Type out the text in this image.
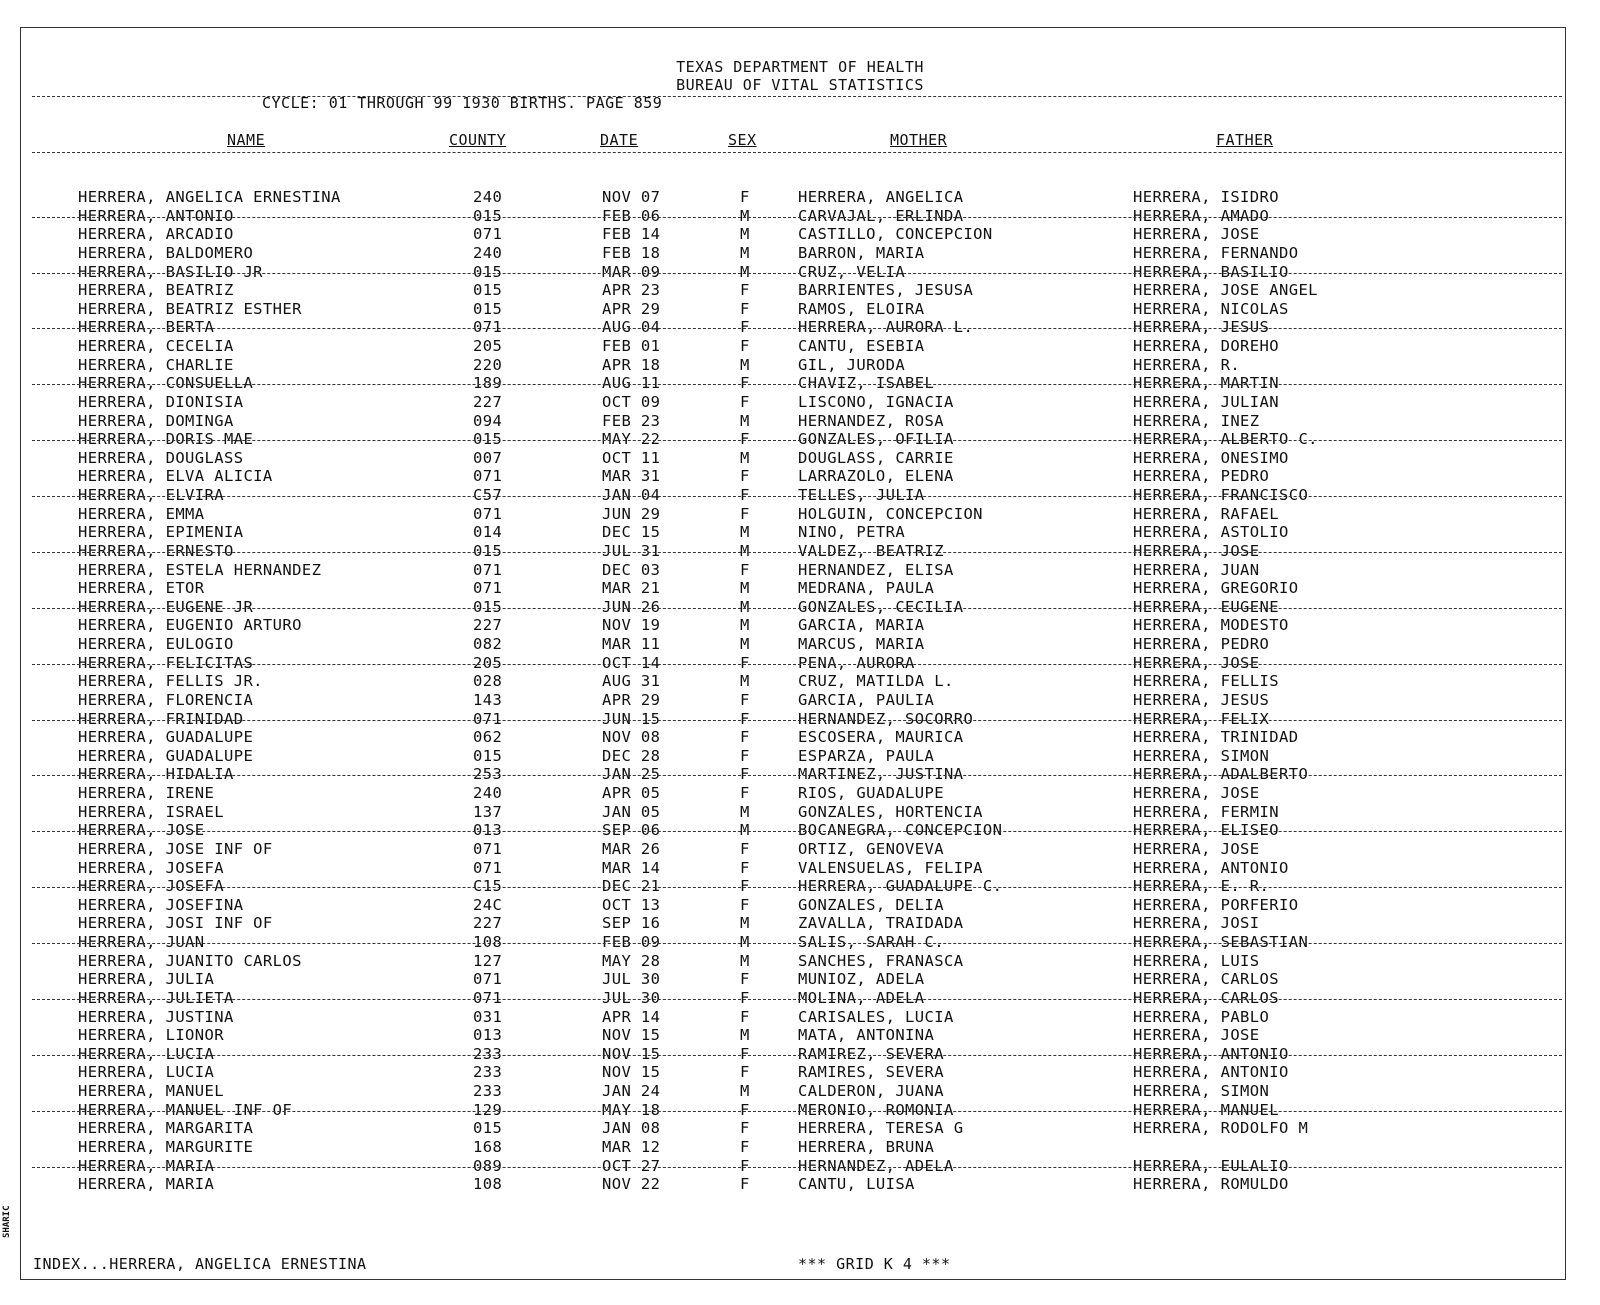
SHARIC
TEXAS DEPARTMENT OF HEALTH
BUREAU OF VITAL STATISTICS
CYCLE: 01 THROUGH 99 1930 BIRTHS. PAGE 859
NAME	COUNTY	DATE	SEX	MOTHER	FATHER
HERRERA, ANGELICA ERNESTINA	240	NOV 07	F	HERRERA, ANGELICA	HERRERA, ISIDRO
HERRERA, ANTONIO	015	FEB 06	M	CARVAJAL, ERLINDA	HERRERA, AMADO
HERRERA, ARCADIO	071	FEB 14	M	CASTILLO, CONCEPCION	HERRERA, JOSE
HERRERA, BALDOMERO	240	FEB 18	M	BARRON, MARIA	HERRERA, FERNANDO
HERRERA, BASILIO JR	015	MAR 09	M	CRUZ, VELIA	HERRERA, BASILIO
HERRERA, BEATRIZ	015	APR 23	F	BARRIENTES, JESUSA	HERRERA, JOSE ANGEL
HERRERA, BEATRIZ ESTHER	015	APR 29	F	RAMOS, ELOIRA	HERRERA, NICOLAS
HERRERA, BERTA	071	AUG 04	F	HERRERA, AURORA L.	HERRERA, JESUS
HERRERA, CECELIA	205	FEB 01	F	CANTU, ESEBIA	HERRERA, DOREHO
HERRERA, CHARLIE	220	APR 18	M	GIL, JURODA	HERRERA, R.
HERRERA, CONSUELLA	189	AUG 11	F	CHAVIZ, ISABEL	HERRERA, MARTIN
HERRERA, DIONISIA	227	OCT 09	F	LISCONO, IGNACIA	HERRERA, JULIAN
HERRERA, DOMINGA	094	FEB 23	M	HERNANDEZ, ROSA	HERRERA, INEZ
HERRERA, DORIS MAE	015	MAY 22	F	GONZALES, OFILIA	HERRERA, ALBERTO C.
HERRERA, DOUGLASS	007	OCT 11	M	DOUGLASS, CARRIE	HERRERA, ONESIMO
HERRERA, ELVA ALICIA	071	MAR 31	F	LARRAZOLO, ELENA	HERRERA, PEDRO
HERRERA, ELVIRA	C57	JAN 04	F	TELLES, JULIA	HERRERA, FRANCISCO
HERRERA, EMMA	071	JUN 29	F	HOLGUIN, CONCEPCION	HERRERA, RAFAEL
HERRERA, EPIMENIA	014	DEC 15	M	NINO, PETRA	HERRERA, ASTOLIO
HERRERA, ERNESTO	015	JUL 31	M	VALDEZ, BEATRIZ	HERRERA, JOSE
HERRERA, ESTELA HERNANDEZ	071	DEC 03	F	HERNANDEZ, ELISA	HERRERA, JUAN
HERRERA, ETOR	071	MAR 21	M	MEDRANA, PAULA	HERRERA, GREGORIO
HERRERA, EUGENE JR	015	JUN 26	M	GONZALES, CECILIA	HERRERA, EUGENE
HERRERA, EUGENIO ARTURO	227	NOV 19	M	GARCIA, MARIA	HERRERA, MODESTO
HERRERA, EULOGIO	082	MAR 11	M	MARCUS, MARIA	HERRERA, PEDRO
HERRERA, FELICITAS	205	OCT 14	F	PENA, AURORA	HERRERA, JOSE
HERRERA, FELLIS JR.	028	AUG 31	M	CRUZ, MATILDA L.	HERRERA, FELLIS
HERRERA, FLORENCIA	143	APR 29	F	GARCIA, PAULIA	HERRERA, JESUS
HERRERA, FRINIDAD	071	JUN 15	F	HERNANDEZ, SOCORRO	HERRERA, FELIX
HERRERA, GUADALUPE	062	NOV 08	F	ESCOSERA, MAURICA	HERRERA, TRINIDAD
HERRERA, GUADALUPE	015	DEC 28	F	ESPARZA, PAULA	HERRERA, SIMON
HERRERA, HIDALIA	253	JAN 25	F	MARTINEZ, JUSTINA	HERRERA, ADALBERTO
HERRERA, IRENE	240	APR 05	F	RIOS, GUADALUPE	HERRERA, JOSE
HERRERA, ISRAEL	137	JAN 05	M	GONZALES, HORTENCIA	HERRERA, FERMIN
HERRERA, JOSE	013	SEP 06	M	BOCANEGRA, CONCEPCION	HERRERA, ELISEO
HERRERA, JOSE INF OF	071	MAR 26	F	ORTIZ, GENOVEVA	HERRERA, JOSE
HERRERA, JOSEFA	071	MAR 14	F	VALENSUELAS, FELIPA	HERRERA, ANTONIO
HERRERA, JOSEFA	C15	DEC 21	F	HERRERA, GUADALUPE C.	HERRERA, E. R.
HERRERA, JOSEFINA	24C	OCT 13	F	GONZALES, DELIA	HERRERA, PORFERIO
HERRERA, JOSI INF OF	227	SEP 16	M	ZAVALLA, TRAIDADA	HERRERA, JOSI
HERRERA, JUAN	108	FEB 09	M	SALIS, SARAH C.	HERRERA, SEBASTIAN
HERRERA, JUANITO CARLOS	127	MAY 28	M	SANCHES, FRANASCA	HERRERA, LUIS
HERRERA, JULIA	071	JUL 30	F	MUNIOZ, ADELA	HERRERA, CARLOS
HERRERA, JULIETA	071	JUL 30	F	MOLINA, ADELA	HERRERA, CARLOS
HERRERA, JUSTINA	031	APR 14	F	CARISALES, LUCIA	HERRERA, PABLO
HERRERA, LIONOR	013	NOV 15	M	MATA, ANTONINA	HERRERA, JOSE
HERRERA, LUCIA	233	NOV 15	F	RAMIREZ, SEVERA	HERRERA, ANTONIO
HERRERA, LUCIA	233	NOV 15	F	RAMIRES, SEVERA	HERRERA, ANTONIO
HERRERA, MANUEL	233	JAN 24	M	CALDERON, JUANA	HERRERA, SIMON
HERRERA, MANUEL INF OF	129	MAY 18	F	MERONIO, ROMONIA	HERRERA, MANUEL
HERRERA, MARGARITA	015	JAN 08	F	HERRERA, TERESA G	HERRERA, RODOLFO M
HERRERA, MARGURITE	168	MAR 12	F	HERRERA, BRUNA
HERRERA, MARIA	089	OCT 27	F	HERNANDEZ, ADELA	HERRERA, EULALIO
HERRERA, MARIA	108	NOV 22	F	CANTU, LUISA	HERRERA, ROMULDO
INDEX...HERRERA, ANGELICA ERNESTINA	*** GRID K 4 ***
